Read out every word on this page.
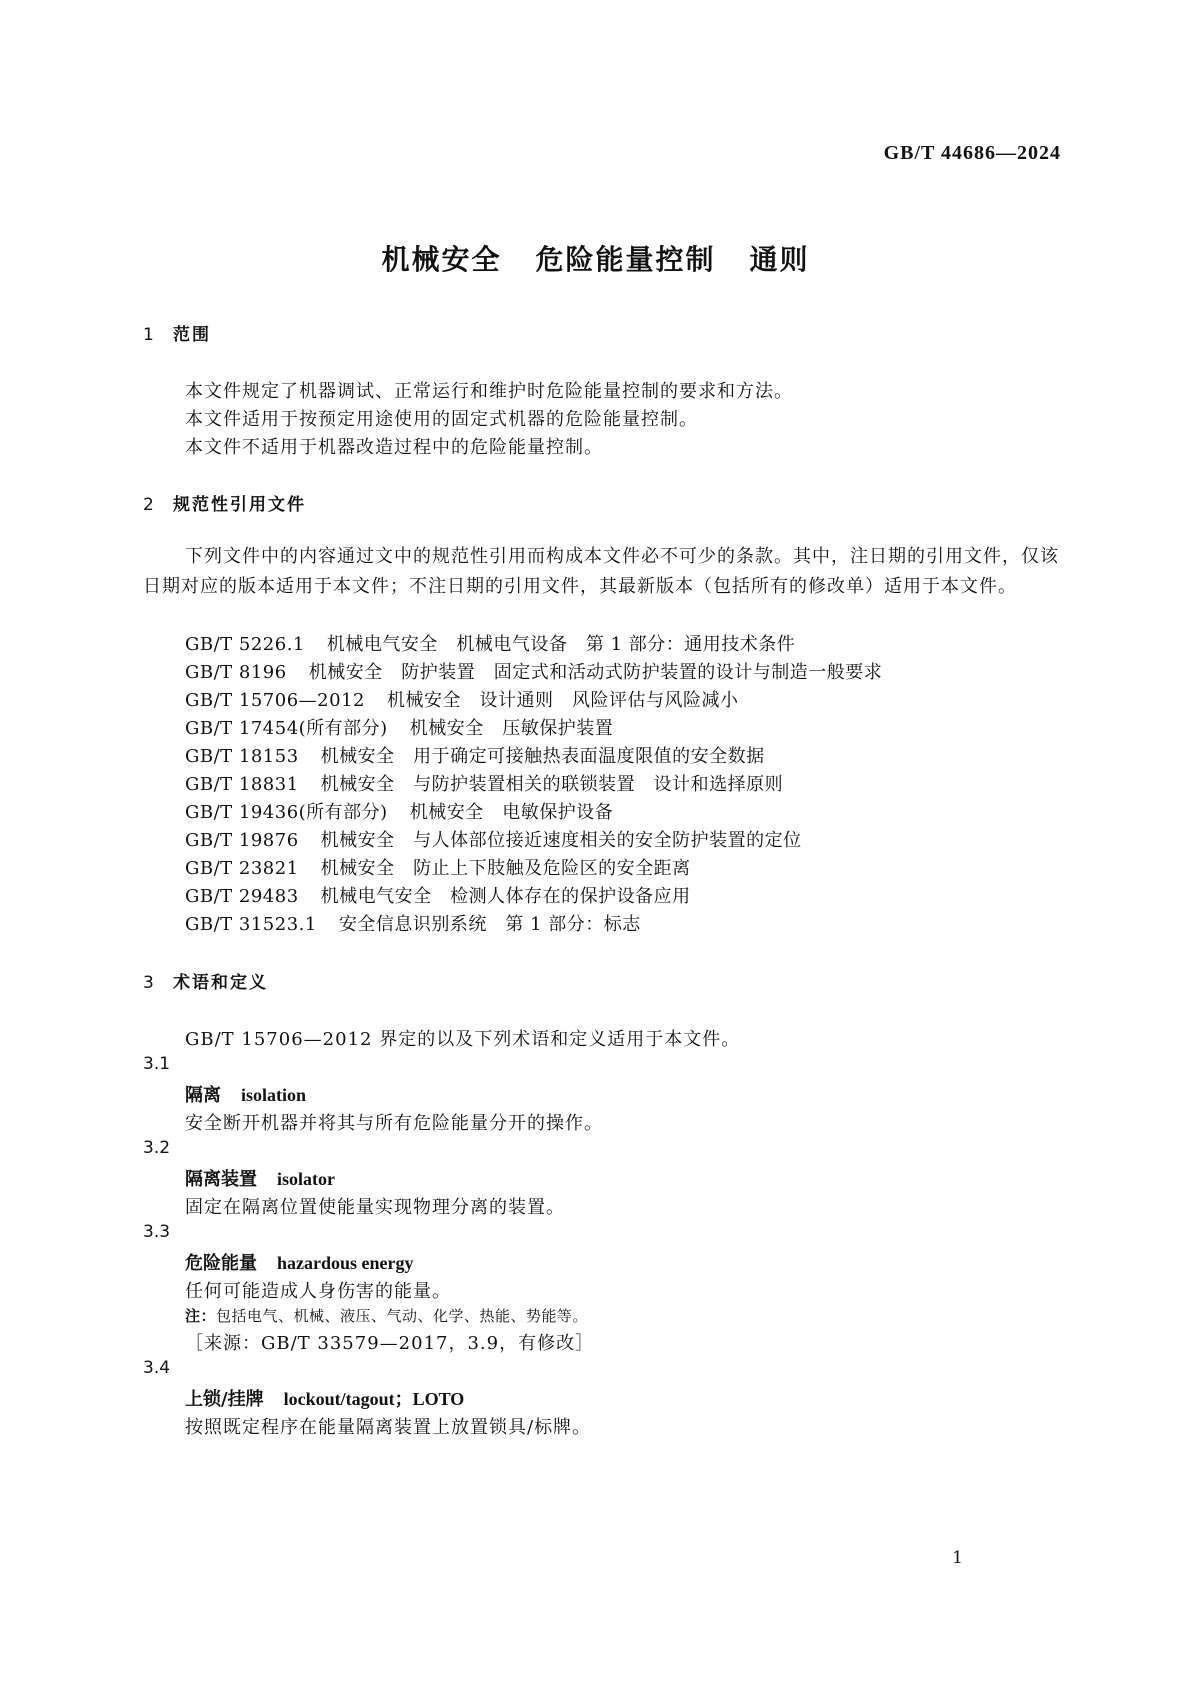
GB/T 44686—2024
机械安全 危险能量控制 通则
1 范围
本文件规定了机器调试、正常运行和维护时危险能量控制的要求和方法。
本文件适用于按预定用途使用的固定式机器的危险能量控制。
本文件不适用于机器改造过程中的危险能量控制。
2 规范性引用文件
下列文件中的内容通过文中的规范性引用而构成本文件必不可少的条款。其中，注日期的引用文件，仅该日期对应的版本适用于本文件；不注日期的引用文件，其最新版本（包括所有的修改单）适用于本文件。
GB/T 5226.1 机械电气安全　机械电气设备　第 1 部分：通用技术条件
GB/T 8196 机械安全　防护装置　固定式和活动式防护装置的设计与制造一般要求
GB/T 15706—2012 机械安全　设计通则　风险评估与风险减小
GB/T 17454(所有部分) 机械安全　压敏保护装置
GB/T 18153 机械安全　用于确定可接触热表面温度限值的安全数据
GB/T 18831 机械安全　与防护装置相关的联锁装置　设计和选择原则
GB/T 19436(所有部分) 机械安全　电敏保护设备
GB/T 19876 机械安全　与人体部位接近速度相关的安全防护装置的定位
GB/T 23821 机械安全　防止上下肢触及危险区的安全距离
GB/T 29483 机械电气安全　检测人体存在的保护设备应用
GB/T 31523.1 安全信息识别系统　第 1 部分：标志
3 术语和定义
GB/T 15706—2012 界定的以及下列术语和定义适用于本文件。
3.1
隔离 isolation
安全断开机器并将其与所有危险能量分开的操作。
3.2
隔离装置 isolator
固定在隔离位置使能量实现物理分离的装置。
3.3
危险能量 hazardous energy
任何可能造成人身伤害的能量。
注：包括电气、机械、液压、气动、化学、热能、势能等。
［来源：GB/T 33579—2017，3.9，有修改］
3.4
上锁/挂牌 lockout/tagout；LOTO
按照既定程序在能量隔离装置上放置锁具/标牌。
1
